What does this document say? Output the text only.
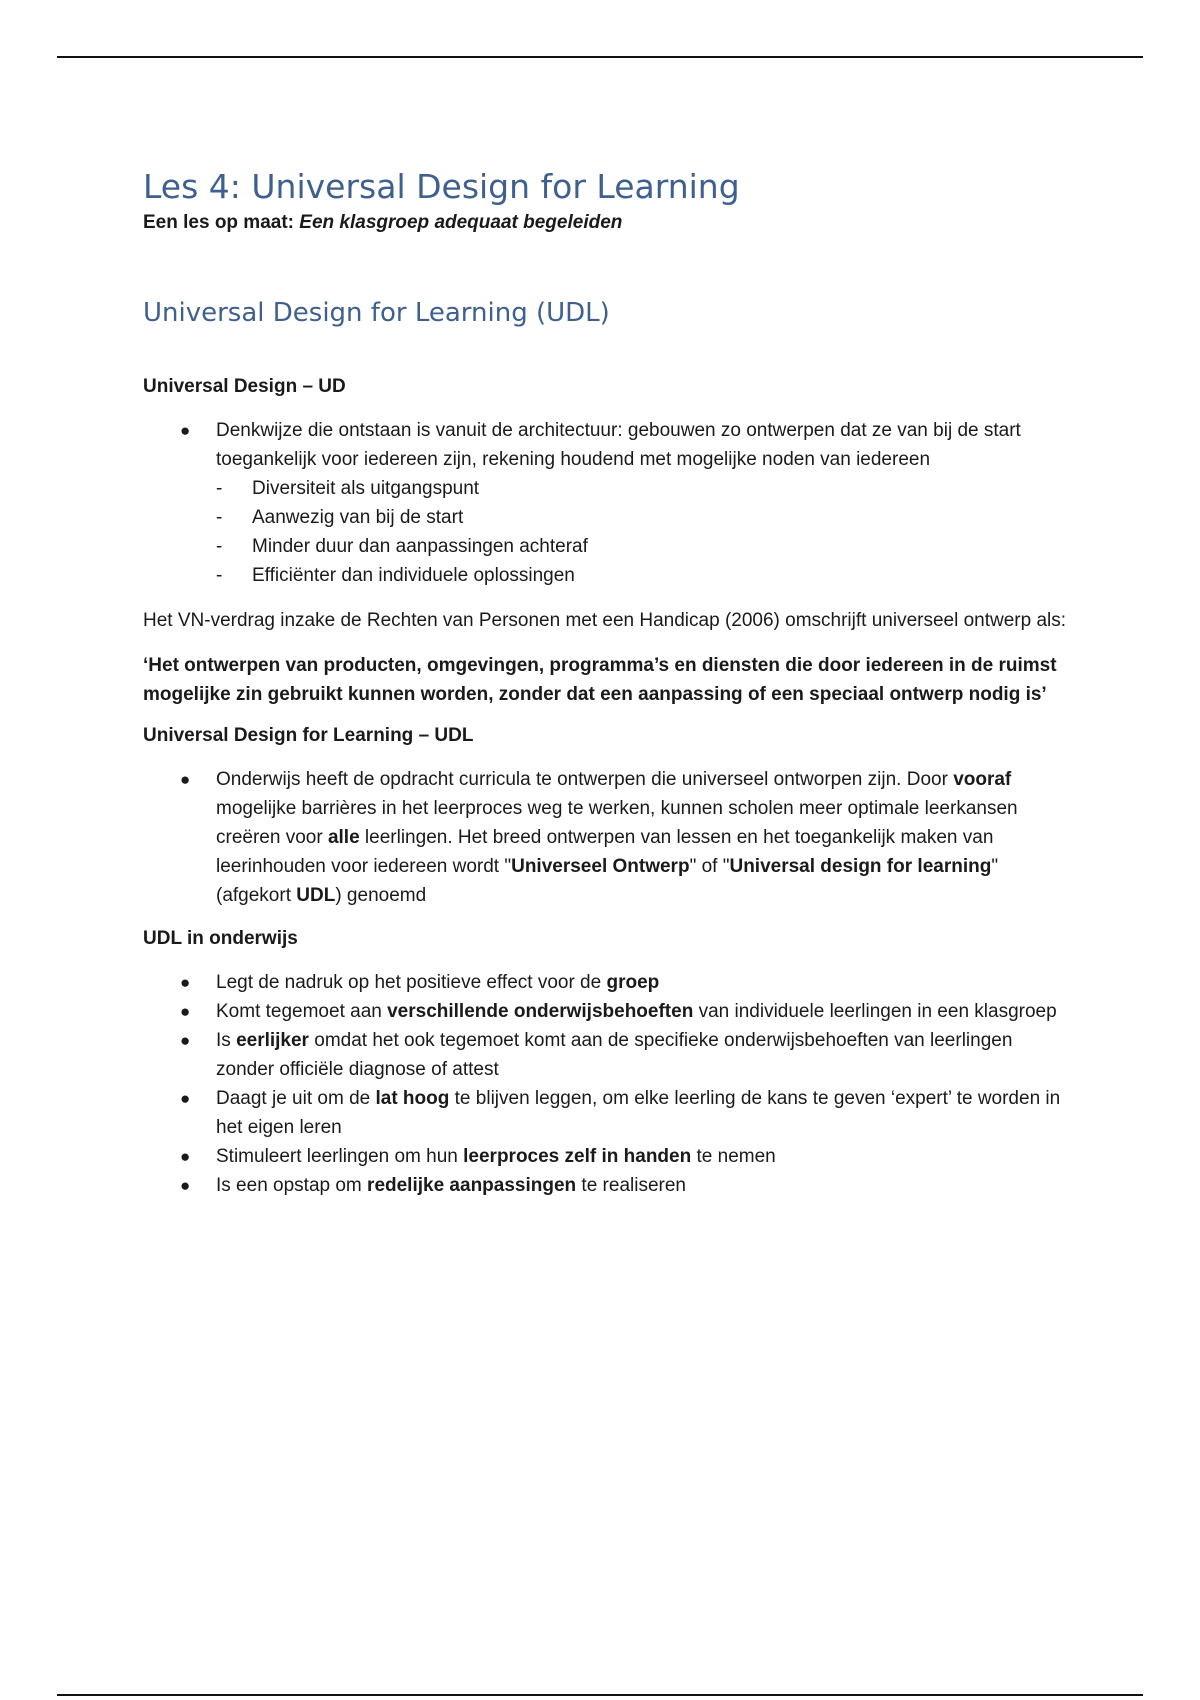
Les 4: Universal Design for Learning

Een les op maat: Een klasgroep adequaat begeleiden

Universal Design for Learning (UDL)
Universal Design – UD
● Denkwijze die ontstaan is vanuit de architectuur: gebouwen zo ontwerpen dat ze van bij de start toegankelijk voor iedereen zijn, rekening houdend met mogelijke noden van iedereen
- Diversiteit als uitgangspunt
- Aanwezig van bij de start
- Minder duur dan aanpassingen achteraf
- Efficiënter dan individuele oplossingen

Het VN-verdrag inzake de Rechten van Personen met een Handicap (2006) omschrijft universeel ontwerp als:

‘Het ontwerpen van producten, omgevingen, programma’s en diensten die door iedereen in de ruimst mogelijke zin gebruikt kunnen worden, zonder dat een aanpassing of een speciaal ontwerp nodig is’

Universal Design for Learning – UDL
● Onderwijs heeft de opdracht curricula te ontwerpen die universeel ontworpen zijn. Door vooraf mogelijke barrières in het leerproces weg te werken, kunnen scholen meer optimale leerkansen creëren voor alle leerlingen. Het breed ontwerpen van lessen en het toegankelijk maken van leerinhouden voor iedereen wordt "Universeel Ontwerp" of "Universal design for learning" (afgekort UDL) genoemd
UDL in onderwijs
● Legt de nadruk op het positieve effect voor de groep
● Komt tegemoet aan verschillende onderwijsbehoeften van individuele leerlingen in een klasgroep
● Is eerlijker omdat het ook tegemoet komt aan de specifieke onderwijsbehoeften van leerlingen zonder officiële diagnose of attest
● Daagt je uit om de lat hoog te blijven leggen, om elke leerling de kans te geven ‘expert’ te worden in het eigen leren
● Stimuleert leerlingen om hun leerproces zelf in handen te nemen
● Is een opstap om redelijke aanpassingen te realiseren
